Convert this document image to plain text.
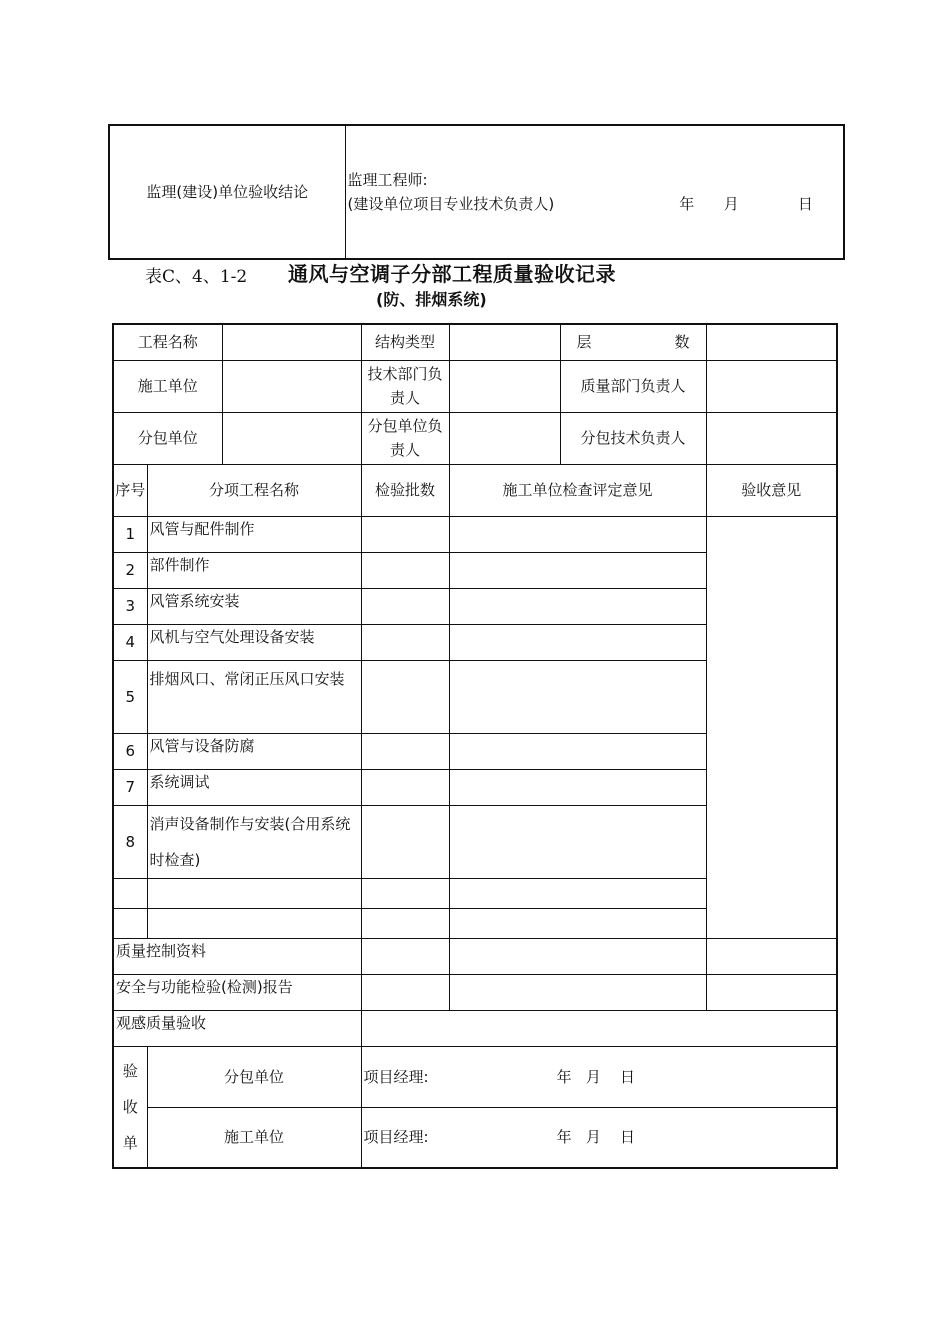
监理(建设)单位验收结论	
监理工程师:
(建设单位项目专业技术负责人)	年  月    日
表C、4、1-2 通风与空调子分部工程质量验收记录
(防、排烟系统)
工程名称			结构类型		层 数	

施工单位			技术部门负责人		质量部门负责人	
分包单位			分包单位负责人		分包技术负责人	
序号	分项工程名称		检验批数	施工单位检查评定意见		验收意见
1	风管与配件制作					
2	部件制作					
3	风管系统安装					
4	风机与空气处理设备安装					
5	排烟风口、常闭正压风口安装					
6	风管与设备防腐					
7	系统调试					
8	消声设备制作与安装(合用系统时检查)					

质量控制资料						
安全与功能检验(检测)报告						
观感质量验收						

验
收
单	分包单位		项目经理: 年   月    日			
	施工单位		项目经理: 年   月    日			
